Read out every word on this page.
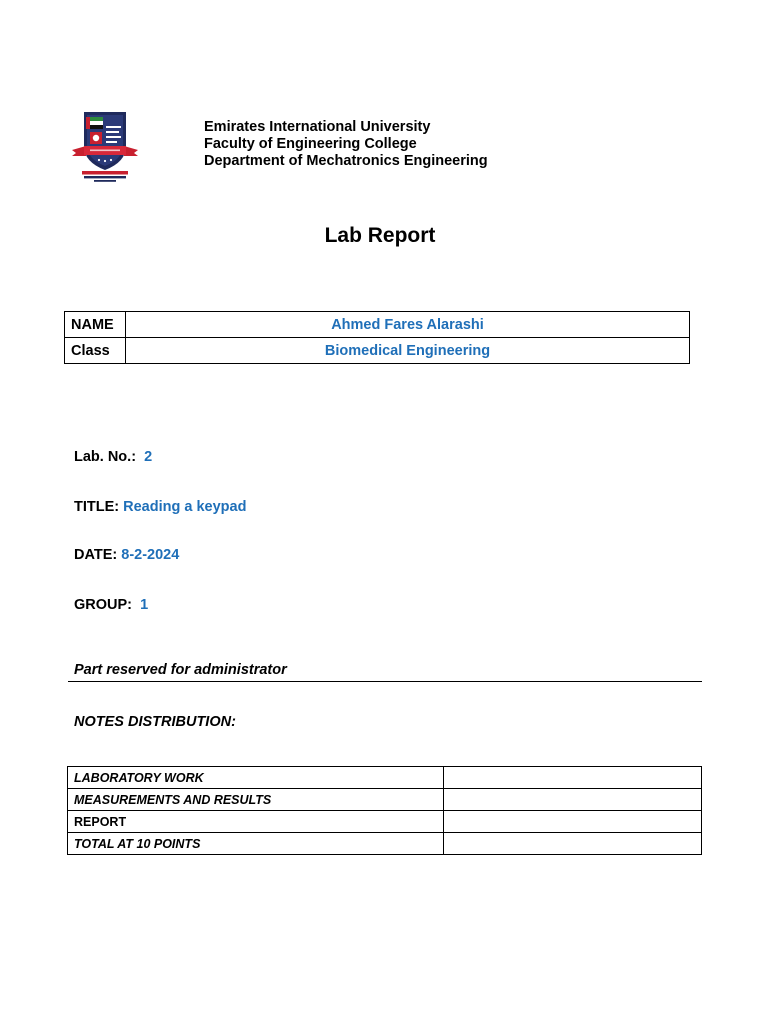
Emirates International University
Faculty of Engineering College
Department of Mechatronics Engineering
Lab Report
NAME	Ahmed Fares Alarashi
Class	Biomedical Engineering
Lab. No.: 2
TITLE: Reading a keypad
DATE: 8-2-2024
GROUP: 1
Part reserved for administrator
NOTES DISTRIBUTION:
LABORATORY WORK	
MEASUREMENTS AND RESULTS	
REPORT	
TOTAL AT 10 POINTS	
